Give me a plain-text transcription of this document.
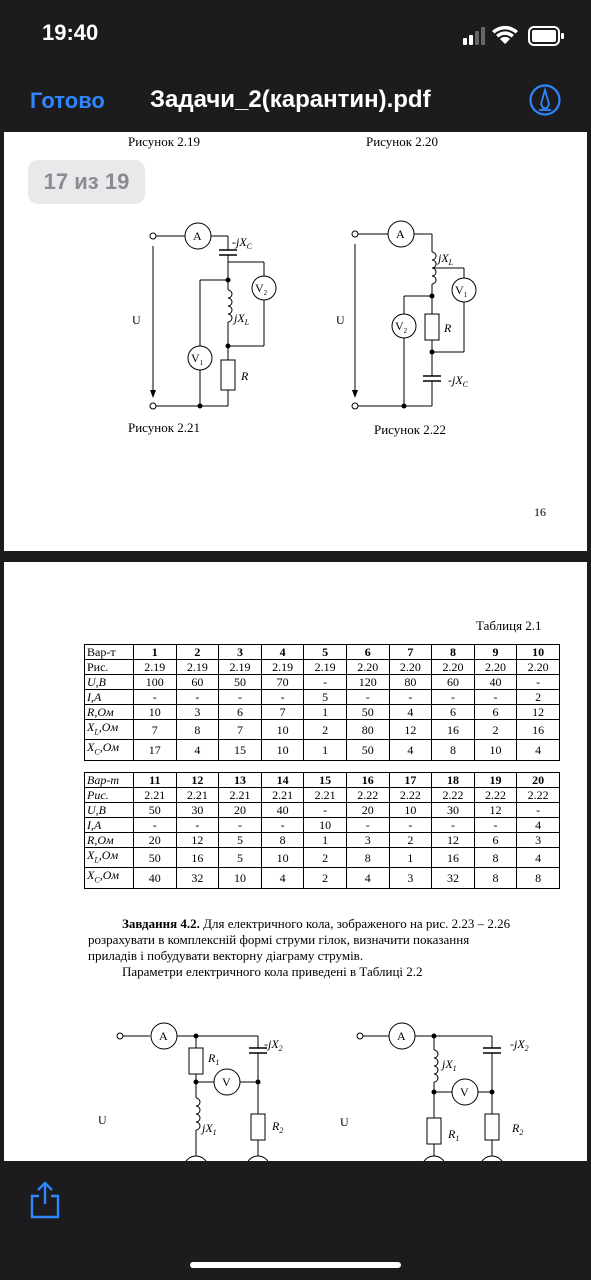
19:40
Готово Задачи_2(карантин).pdf
Рисунок 2.19	Рисунок 2.20
A	$-jX_C$
$V_2$
$jX_L$
$V_1$
R
U
A
$jX_L$
$V_1$
R
$V_2$
$-jX_C$
U
Рисунок 2.21	Рисунок 2.22
16
17 из 19
Таблиця 2.1
Вар-т	1	2	3	4	5	6	7	8	9	10
Рис.	2.19	2.19	2.19	2.19	2.19	2.20	2.20	2.20	2.20	2.20
U,В	100	60	50	70	-	120	80	60	40	-
I,А	-	-	-	-	5	-	-	-	-	2
R,Ом	10	3	6	7	1	50	4	6	6	12
$X_L,Ом$	7	8	7	10	2	80	12	16	2	16
$X_C,Ом$	17	4	15	10	1	50	4	8	10	4
Вар-т	11	12	13	14	15	16	17	18	19	20
Рис.	2.21	2.21	2.21	2.21	2.21	2.22	2.22	2.22	2.22	2.22
U,В	50	30	20	40	-	20	10	30	12	-
I,А	-	-	-	-	10	-	-	-	-	4
R,Ом	20	12	5	8	1	3	2	12	6	3
$X_L,Ом$	50	16	5	10	2	8	1	16	8	4
$X_C,Ом$	40	32	10	4	2	4	3	32	8	8
Завдання 4.2. Для електричного кола, зображеного на рис. 2.23 – 2.26
розрахувати в комплексній формі струми гілок, визначити показання
приладів і побудувати векторну діаграму струмів.
Параметри електричного кола приведені в Таблиці 2.2
A
$R_1$
$-jX_2$
V
$jX_1$	$R_2$
U
A
$jX_1$
$-jX_2$
V
$R_1$
$R_2$
U
